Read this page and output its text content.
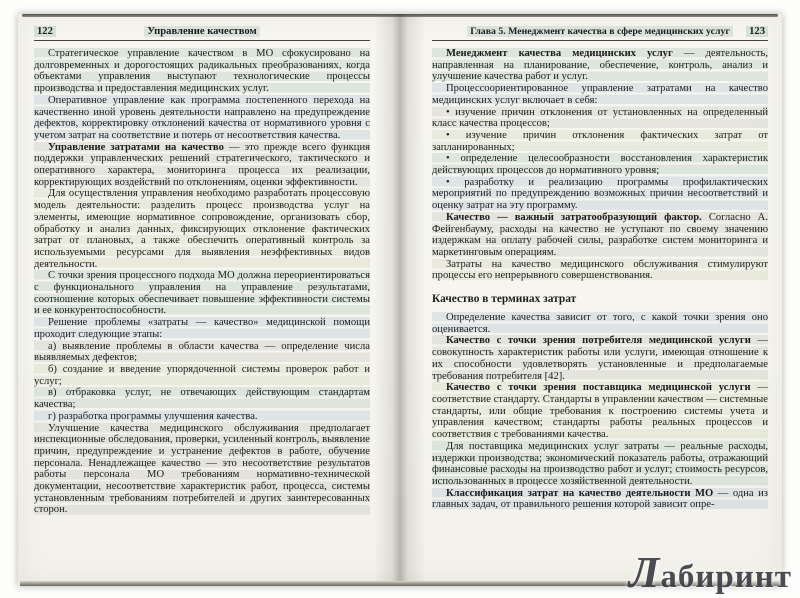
122	Управление качеством

Стратегическое управление качеством в МО сфокусировано на долговременных и дорогостоящих радикальных преобразованиях, когда объектами управления выступают технологические процессы производства и предоставления медицинских услуг.

Оперативное управление как программа постепенного перехода на качественно иной уровень деятельности направлено на предупреждение дефектов, корректировку отклонений качества от нормативного уровня с учетом затрат на соответствие и потерь от несоответствия качества.

Управление затратами на качество — это прежде всего функция поддержки управленческих решений стратегического, тактического и оперативного характера, мониторинга процесса их реализации, корректирующих воздействий по отклонениям, оценки эффективности.

Для осуществления управления необходимо разработать процессовую модель деятельности: разделить процесс производства услуг на элементы, имеющие нормативное сопровождение, организовать сбор, обработку и анализ данных, фиксирующих отклонение фактических затрат от плановых, а также обеспечить оперативный контроль за используемыми ресурсами для выявления неэффективных видов деятельности.

С точки зрения процессного подхода МО должна переориентироваться с функционального управления на управление результатами, соотношение которых обеспечивает повышение эффективности системы и ее конкурентоспособности.

Решение проблемы «затраты — качество» медицинской помощи проходит следующие этапы:

а) выявление проблемы в области качества — определение числа выявляемых дефектов;

б) создание и введение упорядоченной системы проверок работ и услуг;

в) отбраковка услуг, не отвечающих действующим стандартам качества;

г) разработка программы улучшения качества.

Улучшение качества медицинского обслуживания предполагает инспекционные обследования, проверки, усиленный контроль, выявление причин, предупреждение и устранение дефектов в работе, обучение персонала. Ненадлежащее качество — это несоответствие результатов работы персонала МО требованиям нормативно-технической документации, несоответствие характеристик работ, процесса, системы установленным требованиям потребителей и других заинтересованных сторон.

Глава 5. Менеджмент качества в сфере медицинских услуг	123

Менеджмент качества медицинских услуг — деятельность, направленная на планирование, обеспечение, контроль, анализ и улучшение качества работ и услуг.

Процессоориентированное управление затратами на качество медицинских услуг включает в себя:

• изучение причин отклонения от установленных на определенный класс качества процессов;

• изучение причин отклонения фактических затрат от запланированных;

• определение целесообразности восстановления характеристик действующих процессов до нормативного уровня;

• разработку и реализацию программы профилактических мероприятий по предупреждению возможных причин несоответствий и оценку затрат на эту программу.

Качество — важный затратообразующий фактор. Согласно А. Фейгенбауму, расходы на качество не уступают по своему значению издержкам на оплату рабочей силы, разработке систем мониторинга и маркетинговым операциям.

Затраты на качество медицинского обслуживания стимулируют процессы его непрерывного совершенствования.

Качество в терминах затрат

Определение качества зависит от того, с какой точки зрения оно оценивается.

Качество с точки зрения потребителя медицинской услуги — совокупность характеристик работы или услуги, имеющая отношение к их способности удовлетворять установленные и предполагаемые требования потребителя [42].

Качество с точки зрения поставщика медицинской услуги — соответствие стандарту. Стандарты в управлении качеством — системные стандарты, или общие требования к построению системы учета и управления качеством; стандарты работы реальных процессов и соответствия с требованиями качества.

Для поставщика медицинских услуг затраты — реальные расходы, издержки производства; экономический показатель работы, отражающий финансовые расходы на производство работ и услуг; стоимость ресурсов, использованных в процессе хозяйственной деятельности.

Классификация затрат на качество деятельности МО — одна из главных задач, от правильного решения которой зависит опре-

Лабиринт
